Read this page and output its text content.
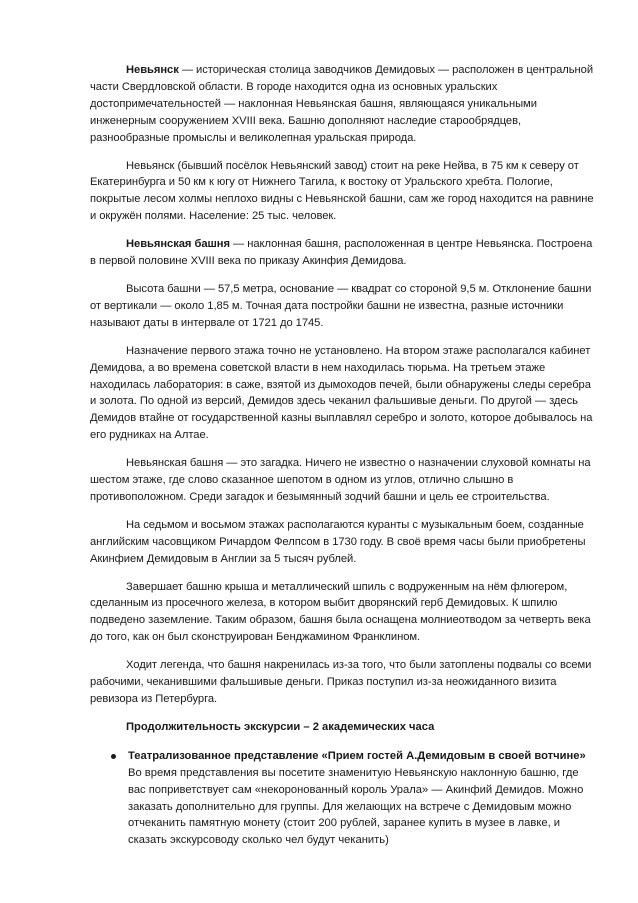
Невьянск — историческая столица заводчиков Демидовых — расположен в центральной части Свердловской области. В городе находится одна из основных уральских достопримечательностей — наклонная Невьянская башня, являющаяся уникальными инженерным сооружением XVIII века. Башню дополняют наследие старообрядцев, разнообразные промыслы и великолепная уральская природа.

Невьянск (бывший посёлок Невьянский завод) стоит на реке Нейва, в 75 км к северу от Екатеринбурга и 50 км к югу от Нижнего Тагила, к востоку от Уральского хребта. Пологие, покрытые лесом холмы неплохо видны с Невьянской башни, сам же город находится на равнине и окружён полями. Население: 25 тыс. человек.

Невьянская башня — наклонная башня, расположенная в центре Невьянска. Построена в первой половине XVIII века по приказу Акинфия Демидова.

Высота башни — 57,5 метра, основание — квадрат со стороной 9,5 м. Отклонение башни от вертикали — около 1,85 м. Точная дата постройки башни не известна, разные источники называют даты в интервале от 1721 до 1745.

Назначение первого этажа точно не установлено. На втором этаже располагался кабинет Демидова, а во времена советской власти в нем находилась тюрьма. На третьем этаже находилась лаборатория: в саже, взятой из дымоходов печей, были обнаружены следы серебра и золота. По одной из версий, Демидов здесь чеканил фальшивые деньги. По другой — здесь Демидов втайне от государственной казны выплавлял серебро и золото, которое добывалось на его рудниках на Алтае.

Невьянская башня — это загадка. Ничего не известно о назначении слуховой комнаты на шестом этаже, где слово сказанное шепотом в одном из углов, отлично слышно в противоположном. Среди загадок и безымянный зодчий башни и цель ее строительства.

На седьмом и восьмом этажах располагаются куранты с музыкальным боем, созданные английским часовщиком Ричардом Фелпсом в 1730 году. В своё время часы были приобретены Акинфием Демидовым в Англии за 5 тысяч рублей.

Завершает башню крыша и металлический шпиль с водруженным на нём флюгером, сделанным из просечного железа, в котором выбит дворянский герб Демидовых. К шпилю подведено заземление. Таким образом, башня была оснащена молниеотводом за четверть века до того, как он был сконструирован Бенджамином Франклином.

Ходит легенда, что башня накренилась из-за того, что были затоплены подвалы со всеми рабочими, чеканившими фальшивые деньги. Приказ поступил из-за неожиданного визита ревизора из Петербурга.

Продолжительность экскурсии – 2 академических часа

Театрализованное представление «Прием гостей А.Демидовым в своей вотчине» Во время представления вы посетите знаменитую Невьянскую наклонную башню, где вас поприветствует сам «некоронованный король Урала» — Акинфий Демидов. Можно заказать дополнительно для группы. Для желающих на встрече с Демидовым можно отчеканить памятную монету (стоит 200 рублей, заранее купить в музее в лавке, и сказать экскурсоводу сколько чел будут чеканить)
